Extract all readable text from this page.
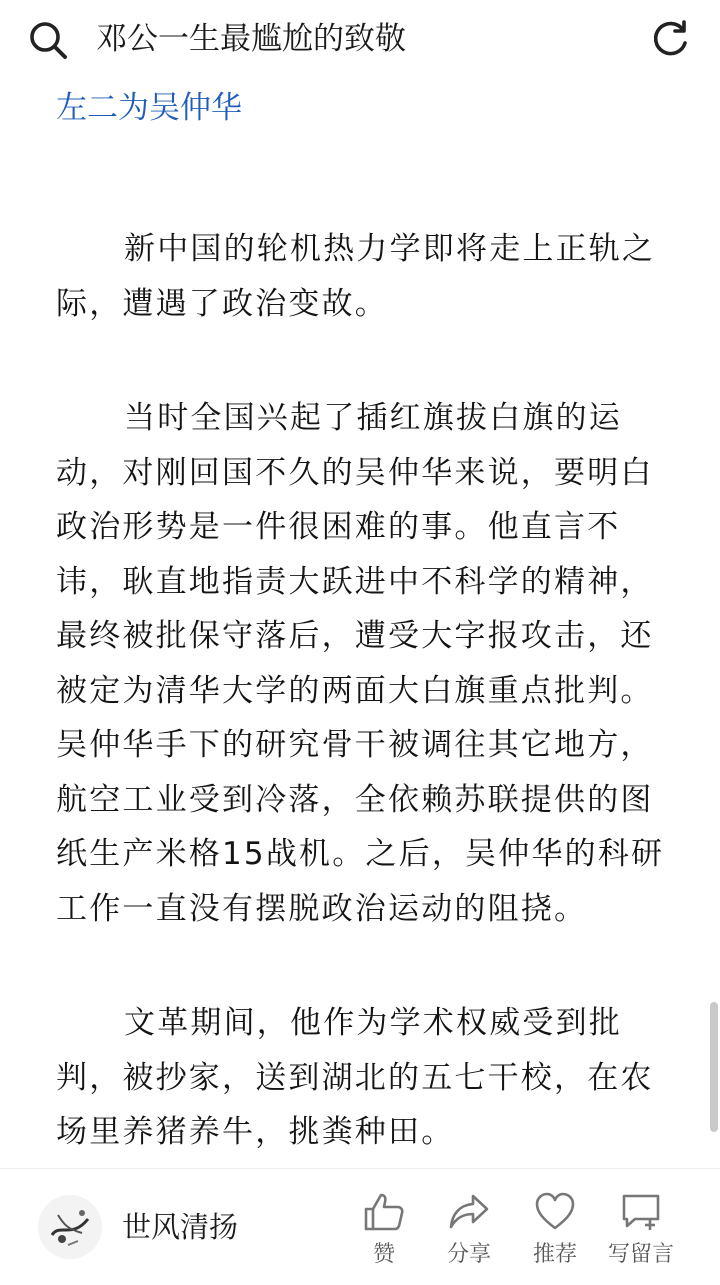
邓公一生最尴尬的致敬
左二为吴仲华

新中国的轮机热力学即将走上正轨之际，遭遇了政治变故。

当时全国兴起了插红旗拔白旗的运动，对刚回国不久的吴仲华来说，要明白政治形势是一件很困难的事。他直言不讳，耿直地指责大跃进中不科学的精神，最终被批保守落后，遭受大字报攻击，还被定为清华大学的两面大白旗重点批判。吴仲华手下的研究骨干被调往其它地方，航空工业受到冷落，全依赖苏联提供的图纸生产米格15战机。之后，吴仲华的科研工作一直没有摆脱政治运动的阻挠。

文革期间，他作为学术权威受到批判，被抄家，送到湖北的五七干校，在农场里养猪养牛，挑粪种田。

世风清扬
赞	分享	推荐	写留言
